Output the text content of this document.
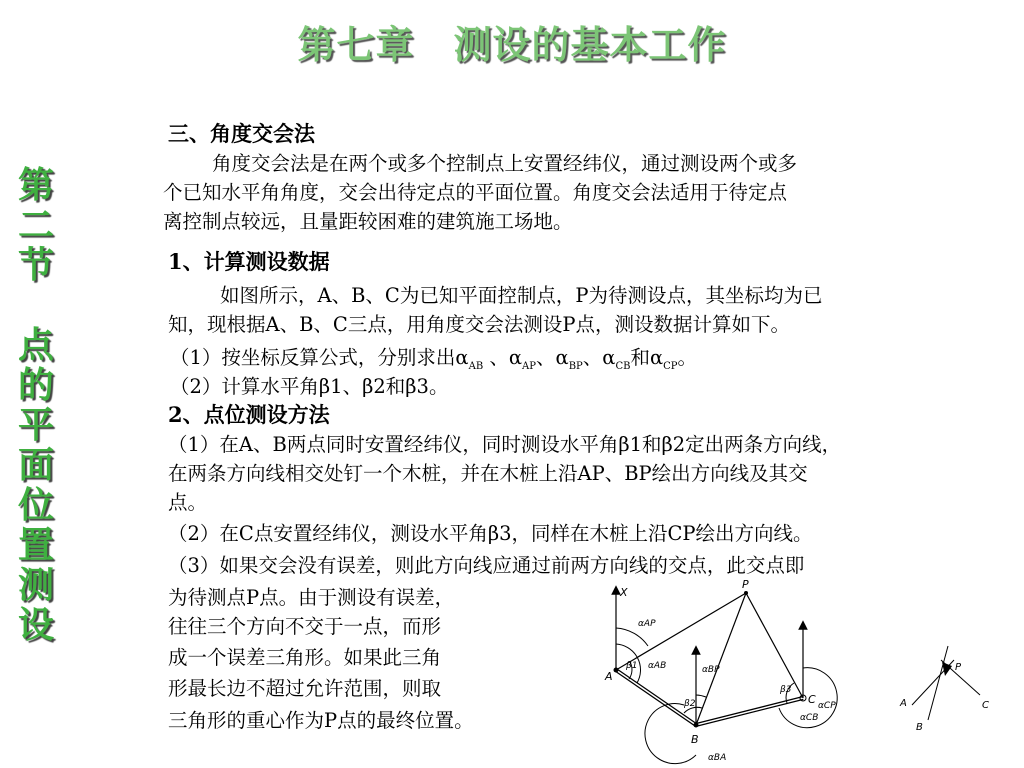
第七章　测设的基本工作
第
二
节
点
的
平
面
位
置
测
设
三、角度交会法
角度交会法是在两个或多个控制点上安置经纬仪，通过测设两个或多
个已知水平角角度，交会出待定点的平面位置。角度交会法适用于待定点
离控制点较远，且量距较困难的建筑施工场地。
1、计算测设数据
如图所示，A、B、C为已知平面控制点，P为待测设点，其坐标均为已
知，现根据A、B、C三点，用角度交会法测设P点，测设数据计算如下。
（1）按坐标反算公式，分别求出$\alpha_{AB}$ 、$\alpha_{AP}$、$\alpha_{BP}$、$\alpha_{CB}$和$\alpha_{CP}$。
（2）计算水平角β1、β2和β3。
2、点位测设方法
（1）在A、B两点同时安置经纬仪，同时测设水平角β1和β2定出两条方向线，
在两条方向线相交处钉一个木桩，并在木桩上沿AP、BP绘出方向线及其交
点。
（2）在C点安置经纬仪，测设水平角β3，同样在木桩上沿CP绘出方向线。
（3）如果交会没有误差，则此方向线应通过前两方向线的交点，此交点即
为待测点P点。由于测设有误差，
往往三个方向不交于一点，而形
成一个误差三角形。如果此三角
形最长边不超过允许范围，则取
三角形的重心作为P点的最终位置。
X
P
A
B
C
αAP
αAB
β1	αBP
β2
β3
αCP
αCB
αBA
A
B
C
P
